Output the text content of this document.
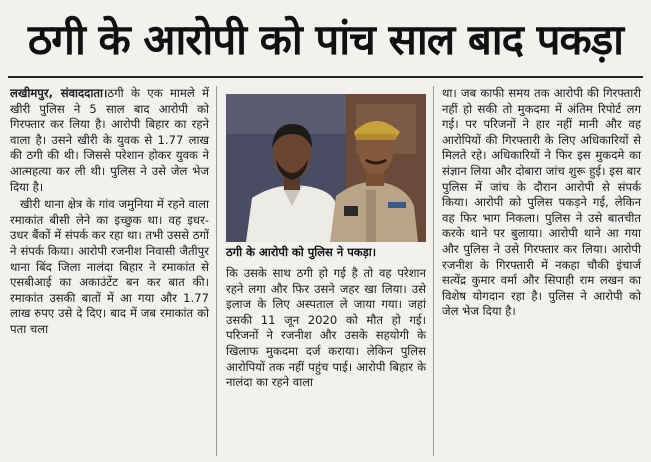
ठगी के आरोपी को पांच साल बाद पकड़ा

लखीमपुर, संवाददाता।ठगी के एक मामले में खीरी पुलिस ने 5 साल बाद आरोपी को गिरफ्तार कर लिया है। आरोपी बिहार का रहने वाला है। उसने खीरी के युवक से 1.77 लाख की ठगी की थी। जिससे परेशान होकर युवक ने आत्महत्या कर ली थी। पुलिस ने उसे जेल भेज दिया है।

खीरी थाना क्षेत्र के गांव जमुनिया में रहने वाला रमाकांत बीसी लेने का इच्छुक था। वह इधर-उधर बैंकों में संपर्क कर रहा था। तभी उससे ठगों ने संपर्क किया। आरोपी रजनीश निवासी जैतीपुर थाना बिंद जिला नालंदा बिहार ने रमाकांत से एसबीआई का अकाउंटेंट बन कर बात की। रमाकांत उसकी बातों में आ गया और 1.77 लाख रुपए उसे दे दिए। बाद में जब रमाकांत को पता चला

ठगी के आरोपी को पुलिस ने पकड़ा।

कि उसके साथ ठगी हो गई है तो वह परेशान रहने लगा और फिर उसने जहर खा लिया। उसे इलाज के लिए अस्पताल ले जाया गया। जहां उसकी 11 जून 2020 को मौत हो गई। परिजनों ने रजनीश और उसके सहयोगी के खिलाफ मुकदमा दर्ज कराया। लेकिन पुलिस आरोपियों तक नहीं पहुंच पाई। आरोपी बिहार के नालंदा का रहने वाला

था। जब काफी समय तक आरोपी की गिरफ्तारी नहीं हो सकी तो मुकदमा में अंतिम रिपोर्ट लग गई। पर परिजनों ने हार नहीं मानी और वह आरोपियों की गिरफ्तारी के लिए अधिकारियों से मिलते रहे। अधिकारियों ने फिर इस मुकदमे का संज्ञान लिया और दोबारा जांच शुरू हुई। इस बार पुलिस में जांच के दौरान आरोपी से संपर्क किया। आरोपी को पुलिस पकड़ने गई, लेकिन वह फिर भाग निकला। पुलिस ने उसे बातचीत करके थाने पर बुलाया। आरोपी थाने आ गया और पुलिस ने उसे गिरफ्तार कर लिया। आरोपी रजनीश के गिरफ्तारी में नकहा चौकी इंचार्ज सत्येंद्र कुमार वर्मा और सिपाही राम लखन का विशेष योगदान रहा है। पुलिस ने आरोपी को जेल भेज दिया है।
